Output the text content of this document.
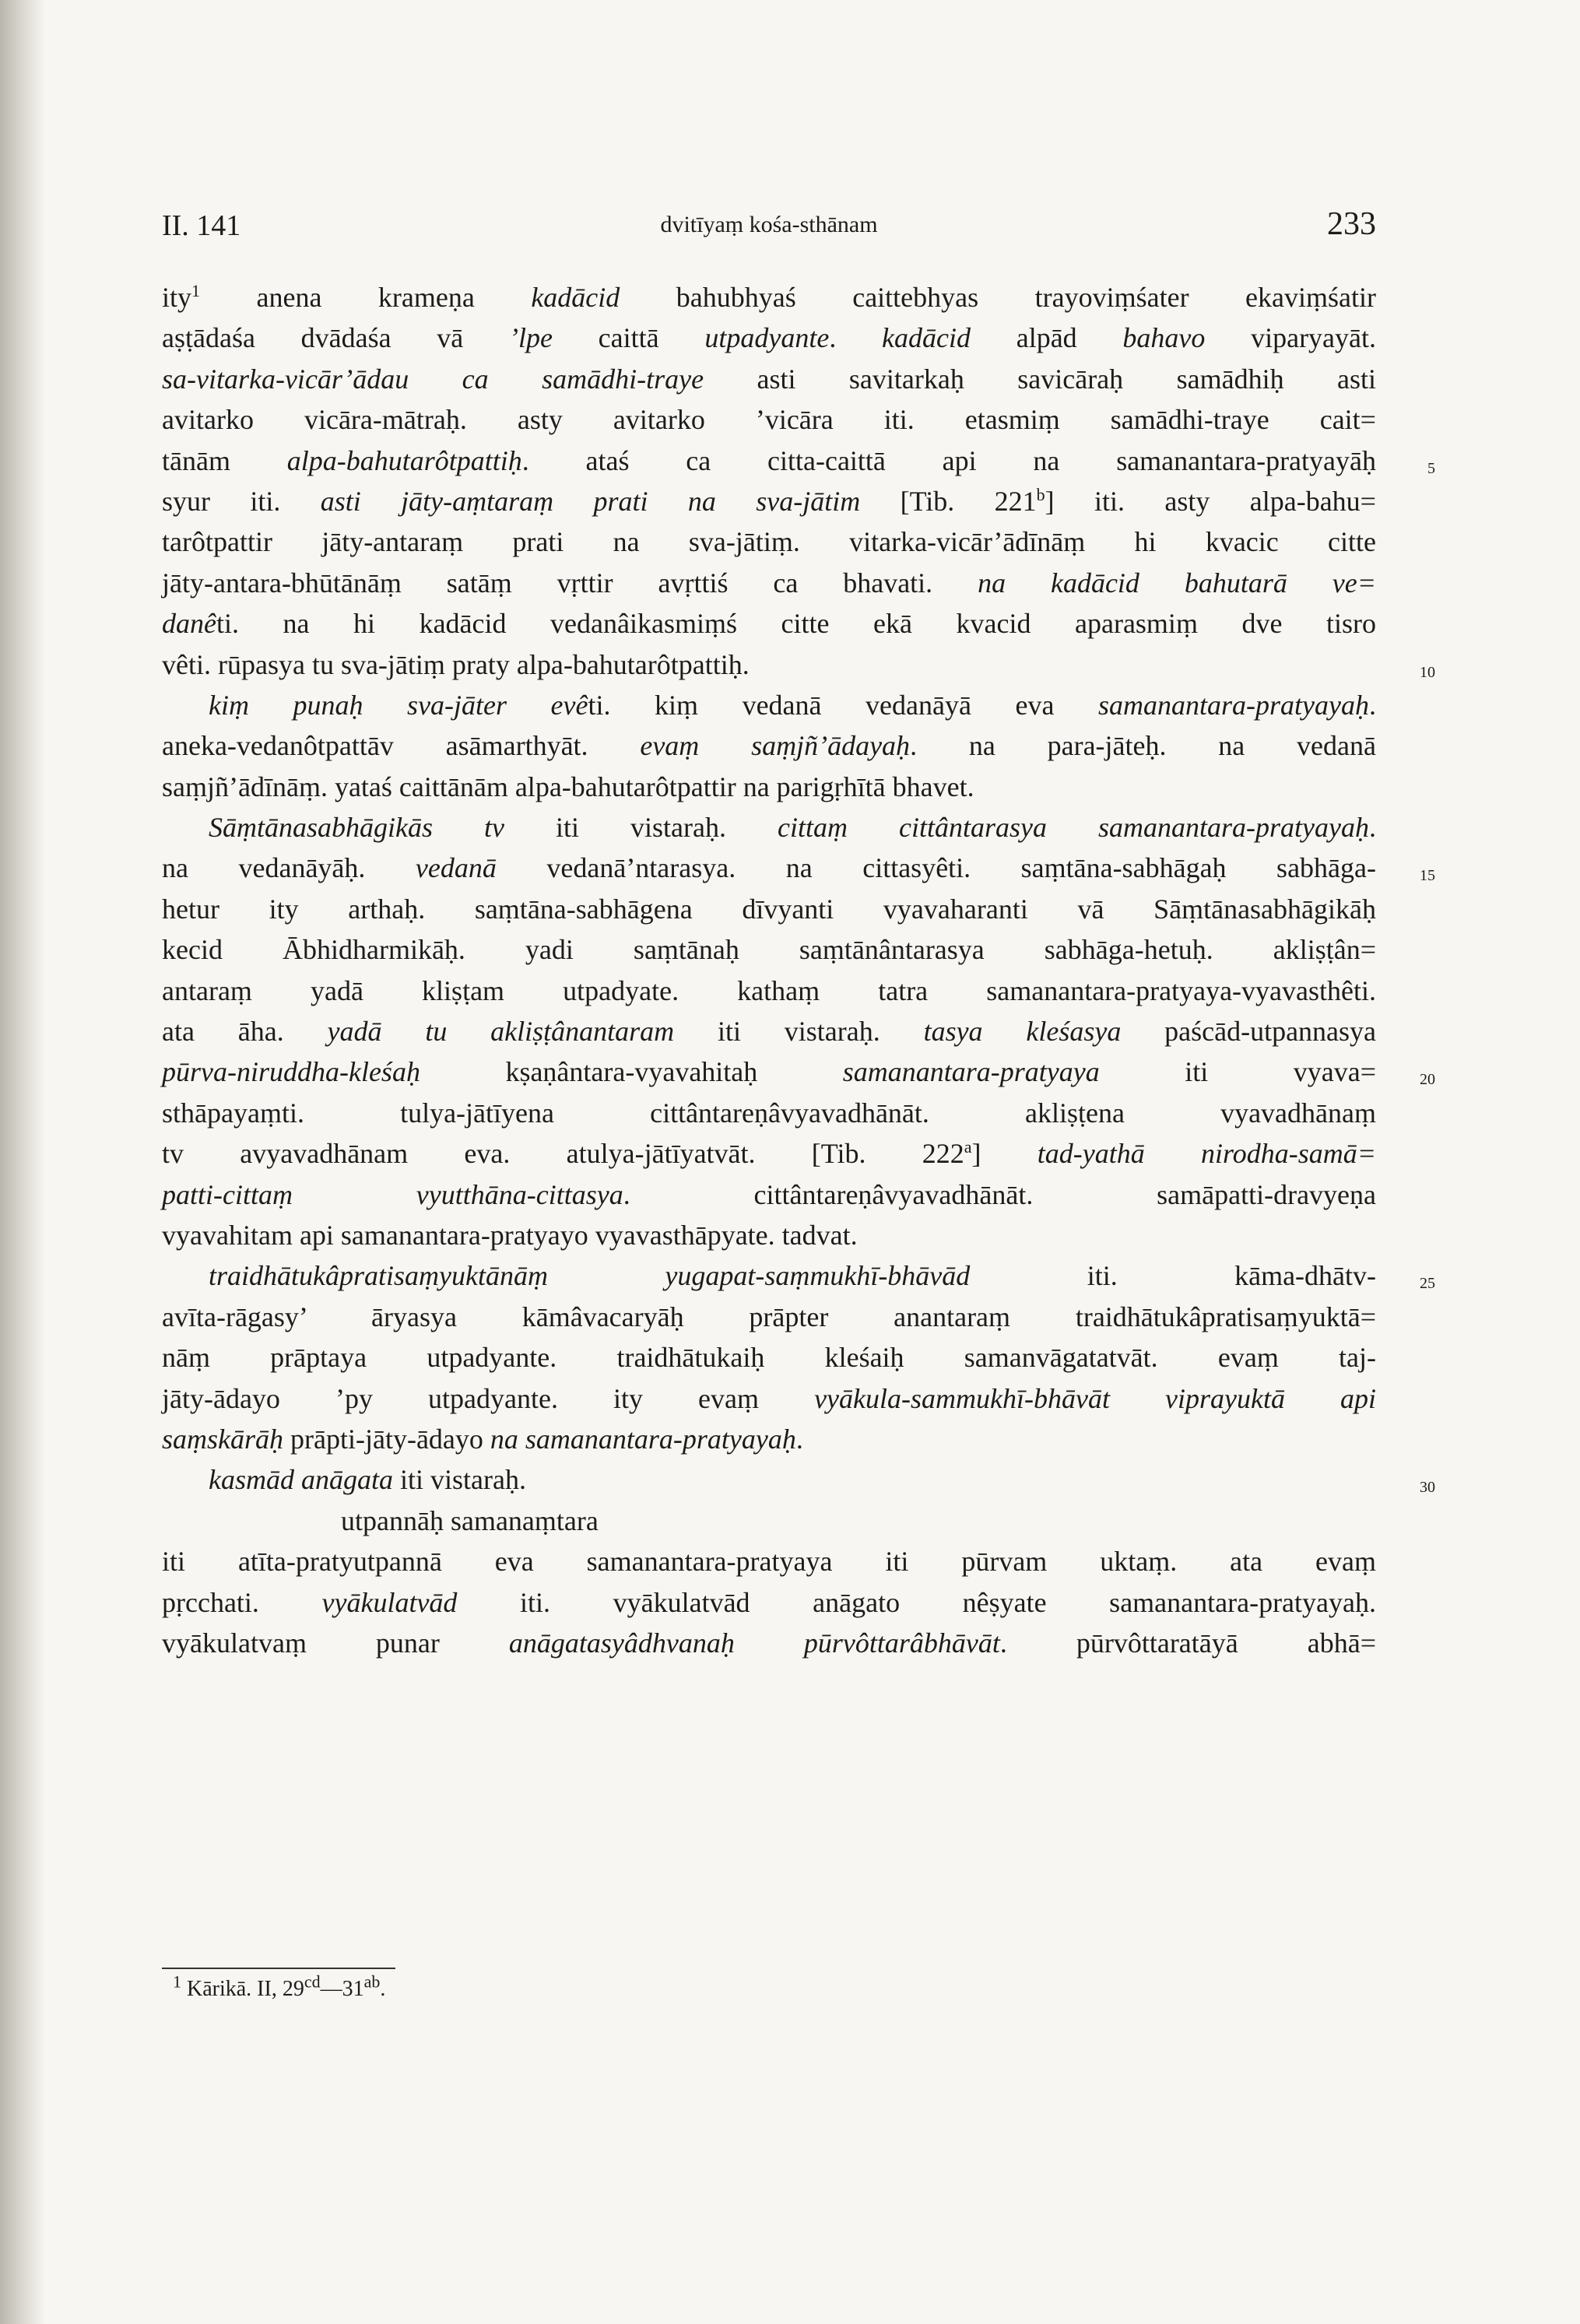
II. 141	dvitīyaṃ kośa-sthānam	233
ity$^1$ anena krameṇa kadācid bahubhyaś caittebhyas trayoviṃśater ekaviṃśatir
aṣṭādaśa dvādaśa vā ’lpe caittā utpadyante. kadācid alpād bahavo viparyayāt.
sa-vitarka-vicār’ādau ca samādhi-traye asti savitarkaḥ savicāraḥ samādhiḥ asti
avitarko vicāra-mātraḥ. asty avitarko ’vicāra iti. etasmiṃ samādhi-traye cait=
tānām alpa-bahutarôtpattiḥ. ataś ca citta-caittā api na samanantara-pratyayāḥ	5
syur iti. asti jāty-aṃtaraṃ prati na sva-jātim [Tib. 221$^b$] iti. asty alpa-bahu=
tarôtpattir jāty-antaraṃ prati na sva-jātiṃ. vitarka-vicār’ādīnāṃ hi kvacic citte
jāty-antara-bhūtānāṃ satāṃ vṛttir avṛttiś ca bhavati. na kadācid bahutarā ve=
danêti. na hi kadācid vedanâikasmiṃś citte ekā kvacid aparasmiṃ dve tisro
vêti. rūpasya tu sva-jātiṃ praty alpa-bahutarôtpattiḥ.	10
kiṃ punaḥ sva-jāter evêti. kiṃ vedanā vedanāyā eva samanantara-pratyayaḥ.
aneka-vedanôtpattāv asāmarthyāt. evaṃ saṃjñ’ādayaḥ. na para-jāteḥ. na vedanā
saṃjñ’ādīnāṃ. yataś caittānām alpa-bahutarôtpattir na parigṛhītā bhavet.
Sāṃtānasabhāgikās tv iti vistaraḥ. cittaṃ cittântarasya samanantara-pratyayaḥ.
na vedanāyāḥ. vedanā vedanā’ntarasya. na cittasyêti. saṃtāna-sabhāgaḥ sabhāga-	15
hetur ity arthaḥ. saṃtāna-sabhāgena dīvyanti vyavaharanti vā Sāṃtānasabhāgikāḥ
kecid Ābhidharmikāḥ. yadi saṃtānaḥ saṃtānântarasya sabhāga-hetuḥ. akliṣṭân=
antaraṃ yadā kliṣṭam utpadyate. kathaṃ tatra samanantara-pratyaya-vyavasthêti.
ata āha. yadā tu akliṣṭânantaram iti vistaraḥ. tasya kleśasya paścād-utpannasya
pūrva-niruddha-kleśaḥ kṣaṇântara-vyavahitaḥ samanantara-pratyaya iti vyava=	20
sthāpayaṃti. tulya-jātīyena cittântareṇâvyavadhānāt. akliṣṭena vyavadhānaṃ
tv avyavadhānam eva. atulya-jātīyatvāt. [Tib. 222$^a$] tad-yathā nirodha-samā=
patti-cittaṃ vyutthāna-cittasya. cittântareṇâvyavadhānāt. samāpatti-dravyeṇa
vyavahitam api samanantara-pratyayo vyavasthāpyate. tadvat.
traidhātukâpratisaṃyuktānāṃ yugapat-saṃmukhī-bhāvād iti. kāma-dhātv-	25
avīta-rāgasy’ āryasya kāmâvacaryāḥ prāpter anantaraṃ traidhātukâpratisaṃyuktā=
nāṃ prāptaya utpadyante. traidhātukaiḥ kleśaiḥ samanvāgatatvāt. evaṃ taj-
jāty-ādayo ’py utpadyante. ity evaṃ vyākula-sammukhī-bhāvāt viprayuktā api
saṃskārāḥ prāpti-jāty-ādayo na samanantara-pratyayaḥ.
kasmād anāgata iti vistaraḥ.	30
utpannāḥ samanaṃtara
iti atīta-pratyutpannā eva samanantara-pratyaya iti pūrvam uktaṃ. ata evaṃ
pṛcchati. vyākulatvād iti. vyākulatvād anāgato nêṣyate samanantara-pratyayaḥ.
vyākulatvaṃ punar anāgatasyâdhvanaḥ pūrvôttarâbhāvāt. pūrvôttaratāyā abhā=
$^1$ Kārikā. II, $29^{cd}—31^{ab}$.
